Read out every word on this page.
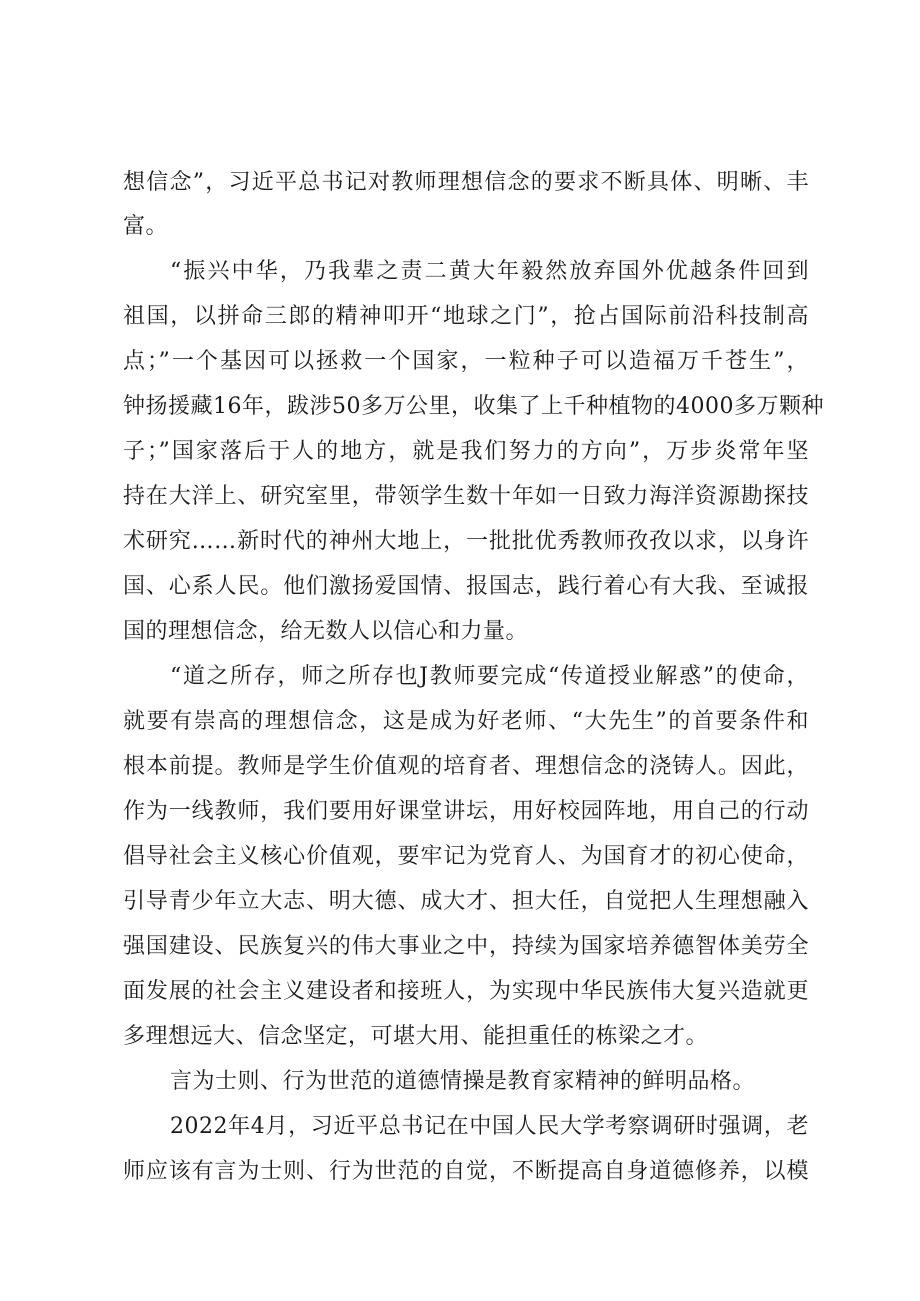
想信念”，习近平总书记对教师理想信念的要求不断具体、明晰、丰
富。
“振兴中华，乃我辈之责二黄大年毅然放弃国外优越条件回到
祖国，以拼命三郎的精神叩开“地球之门”，抢占国际前沿科技制高
点；”一个基因可以拯救一个国家，一粒种子可以造福万千苍生”，
钟扬援藏16年，跋涉50多万公里，收集了上千种植物的4000多万颗种
子；”国家落后于人的地方，就是我们努力的方向”，万步炎常年坚
持在大洋上、研究室里，带领学生数十年如一日致力海洋资源勘探技
术研究……新时代的神州大地上，一批批优秀教师孜孜以求，以身许
国、心系人民。他们激扬爱国情、报国志，践行着心有大我、至诚报
国的理想信念，给无数人以信心和力量。
“道之所存，师之所存也J教师要完成“传道授业解惑”的使命，
就要有崇高的理想信念，这是成为好老师、“大先生”的首要条件和
根本前提。教师是学生价值观的培育者、理想信念的浇铸人。因此，
作为一线教师，我们要用好课堂讲坛，用好校园阵地，用自己的行动
倡导社会主义核心价值观，要牢记为党育人、为国育才的初心使命，
引导青少年立大志、明大德、成大才、担大任，自觉把人生理想融入
强国建设、民族复兴的伟大事业之中，持续为国家培养德智体美劳全
面发展的社会主义建设者和接班人，为实现中华民族伟大复兴造就更
多理想远大、信念坚定，可堪大用、能担重任的栋梁之才。
言为士则、行为世范的道德情操是教育家精神的鲜明品格。
2022年4月，习近平总书记在中国人民大学考察调研时强调，老
师应该有言为士则、行为世范的自觉，不断提高自身道德修养，以模
